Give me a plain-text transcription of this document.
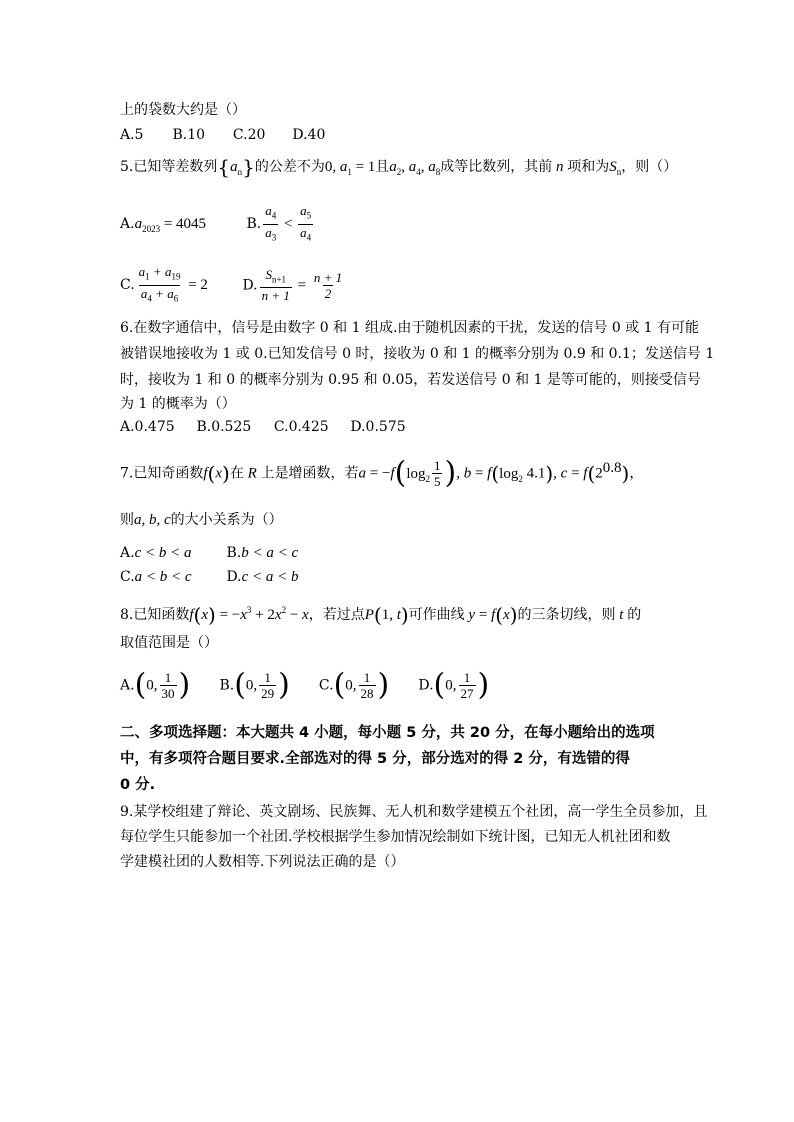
上的袋数大约是（）
A.5 B.10 C.20 D.40
5.已知等差数列$\{a_n\}$的公差不为0, $a_1 = 1$且$a_2$, $a_4$, $a_8$成等比数列，其前 n 项和为$S_n$，则（）
$A.a_{2023} = 4045$	B. $\frac{a_4}{a_3} < \frac{a_5}{a_4}$
C. $\frac{a_1 + a_{19}}{a_4 + a_6} = 2$ D. $\frac{S_{n+1}}{n + 1} = \frac{n + 1}{2}$
6.在数字通信中，信号是由数字 0 和 1 组成.由于随机因素的干扰，发送的信号 0 或 1 有可能
被错误地接收为 1 或 0.已知发信号 0 时，接收为 0 和 1 的概率分别为 0.9 和 0.1；发送信号 1
时，接收为 1 和 0 的概率分别为 0.95 和 0.05，若发送信号 0 和 1 是等可能的，则接受信号
为 1 的概率为（）
A.0.475 B.0.525 C.0.425 D.0.575
7.已知奇函数f(x)在 R 上是增函数，若$a = -f(\log_2 \frac{1}{5}$ ), $b = f(\log_2$ 4.1), $c = f(2^{0.8})$，
则a, b, c的大小关系为（）
A.c < b < a B.b < a < c
C.a < b < c D.c < a < b
8.已知函数$f(x) = -x^3 + 2x^2 - x$，若过点P(1, t)可作曲线 y = f(x)的三条切线，则 t 的
取值范围是（）
A.(0, $\frac{1}{30}$ ) B.(0, $\frac{1}{29}$ ) C.(0, $\frac{1}{28}$ ) D.(0, $\frac{1}{27}$ )
二、多项选择题：本大题共 4 小题，每小题 5 分，共 20 分，在每小题给出的选项
中，有多项符合题目要求.全部选对的得 5 分，部分选对的得 2 分，有选错的得
0 分.
9.某学校组建了辩论、英文剧场、民族舞、无人机和数学建模五个社团，高一学生全员参加，且
每位学生只能参加一个社团.学校根据学生参加情况绘制如下统计图，已知无人机社团和数
学建模社团的人数相等.下列说法正确的是（）
